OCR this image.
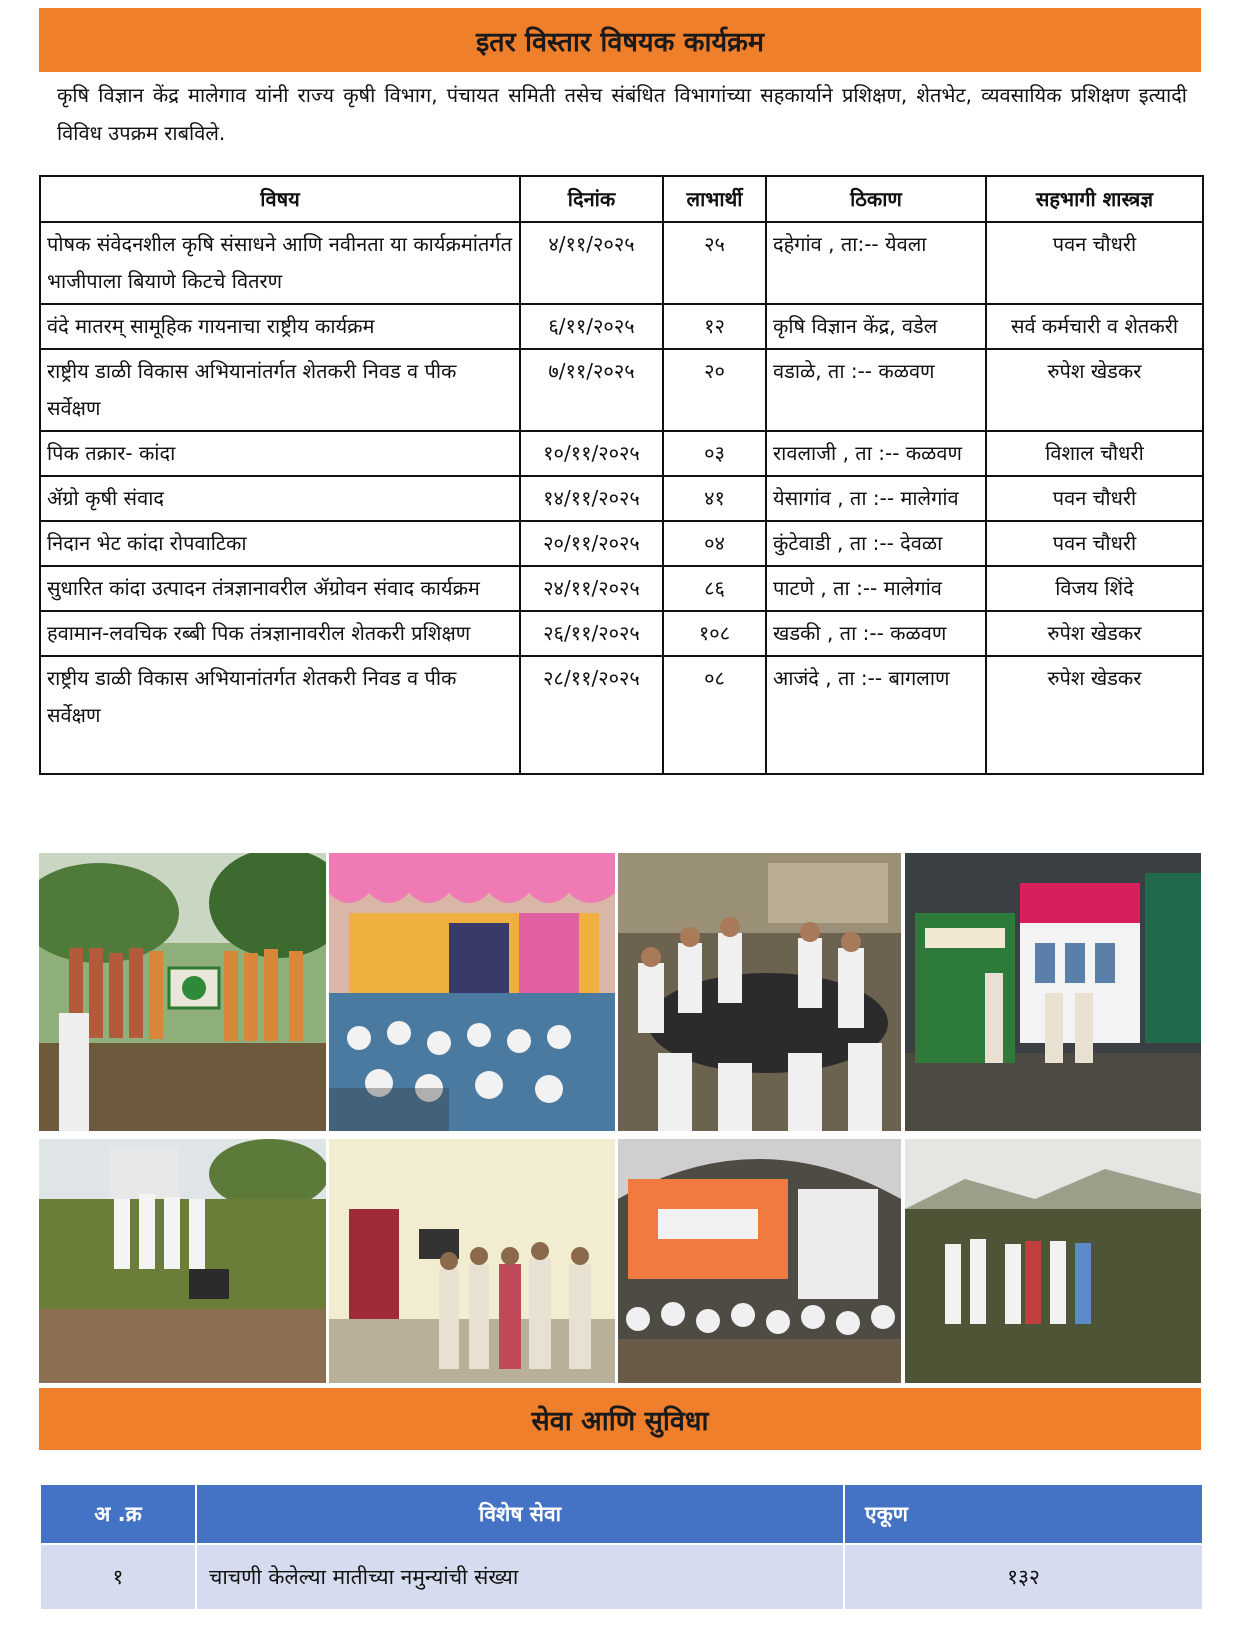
इतर विस्तार विषयक कार्यक्रम
कृषि विज्ञान केंद्र मालेगाव यांनी राज्य कृषी विभाग, पंचायत समिती तसेच संबंधित विभागांच्या सहकार्याने प्रशिक्षण, शेतभेट, व्यवसायिक प्रशिक्षण इत्यादी विविध उपक्रम राबविले.
विषय	दिनांक	लाभार्थी	ठिकाण	सहभागी शास्त्रज्ञ
पोषक संवेदनशील कृषि संसाधने आणि नवीनता या कार्यक्रमांतर्गत भाजीपाला बियाणे किटचे वितरण	४/११/२०२५	२५	दहेगांव , ता:-- येवला	पवन चौधरी
वंदे मातरम् सामूहिक गायनाचा राष्ट्रीय कार्यक्रम	६/११/२०२५	१२	कृषि विज्ञान केंद्र, वडेल	सर्व कर्मचारी व शेतकरी
राष्ट्रीय डाळी विकास अभियानांतर्गत शेतकरी निवड व पीक सर्वेक्षण	७/११/२०२५	२०	वडाळे, ता :-- कळवण	रुपेश खेडकर
पिक तक्रार- कांदा	१०/११/२०२५	०३	रावलाजी , ता :-- कळवण	विशाल चौधरी
ॲग्रो कृषी संवाद	१४/११/२०२५	४१	येसागांव , ता :-- मालेगांव	पवन चौधरी
निदान भेट कांदा रोपवाटिका	२०/११/२०२५	०४	कुंटेवाडी , ता :-- देवळा	पवन चौधरी
सुधारित कांदा उत्पादन तंत्रज्ञानावरील ॲग्रोवन संवाद कार्यक्रम	२४/११/२०२५	८६	पाटणे , ता :-- मालेगांव	विजय शिंदे
हवामान-लवचिक रब्बी पिक तंत्रज्ञानावरील शेतकरी प्रशिक्षण	२६/११/२०२५	१०८	खडकी , ता :-- कळवण	रुपेश खेडकर
राष्ट्रीय डाळी विकास अभियानांतर्गत शेतकरी निवड व पीक सर्वेक्षण	२८/११/२०२५	०८	आजंदे , ता :-- बागलाण	रुपेश खेडकर
सेवा आणि सुविधा
अ .क्र	विशेष सेवा	एकूण
१	चाचणी केलेल्या मातीच्या नमुन्यांची संख्या	१३२
